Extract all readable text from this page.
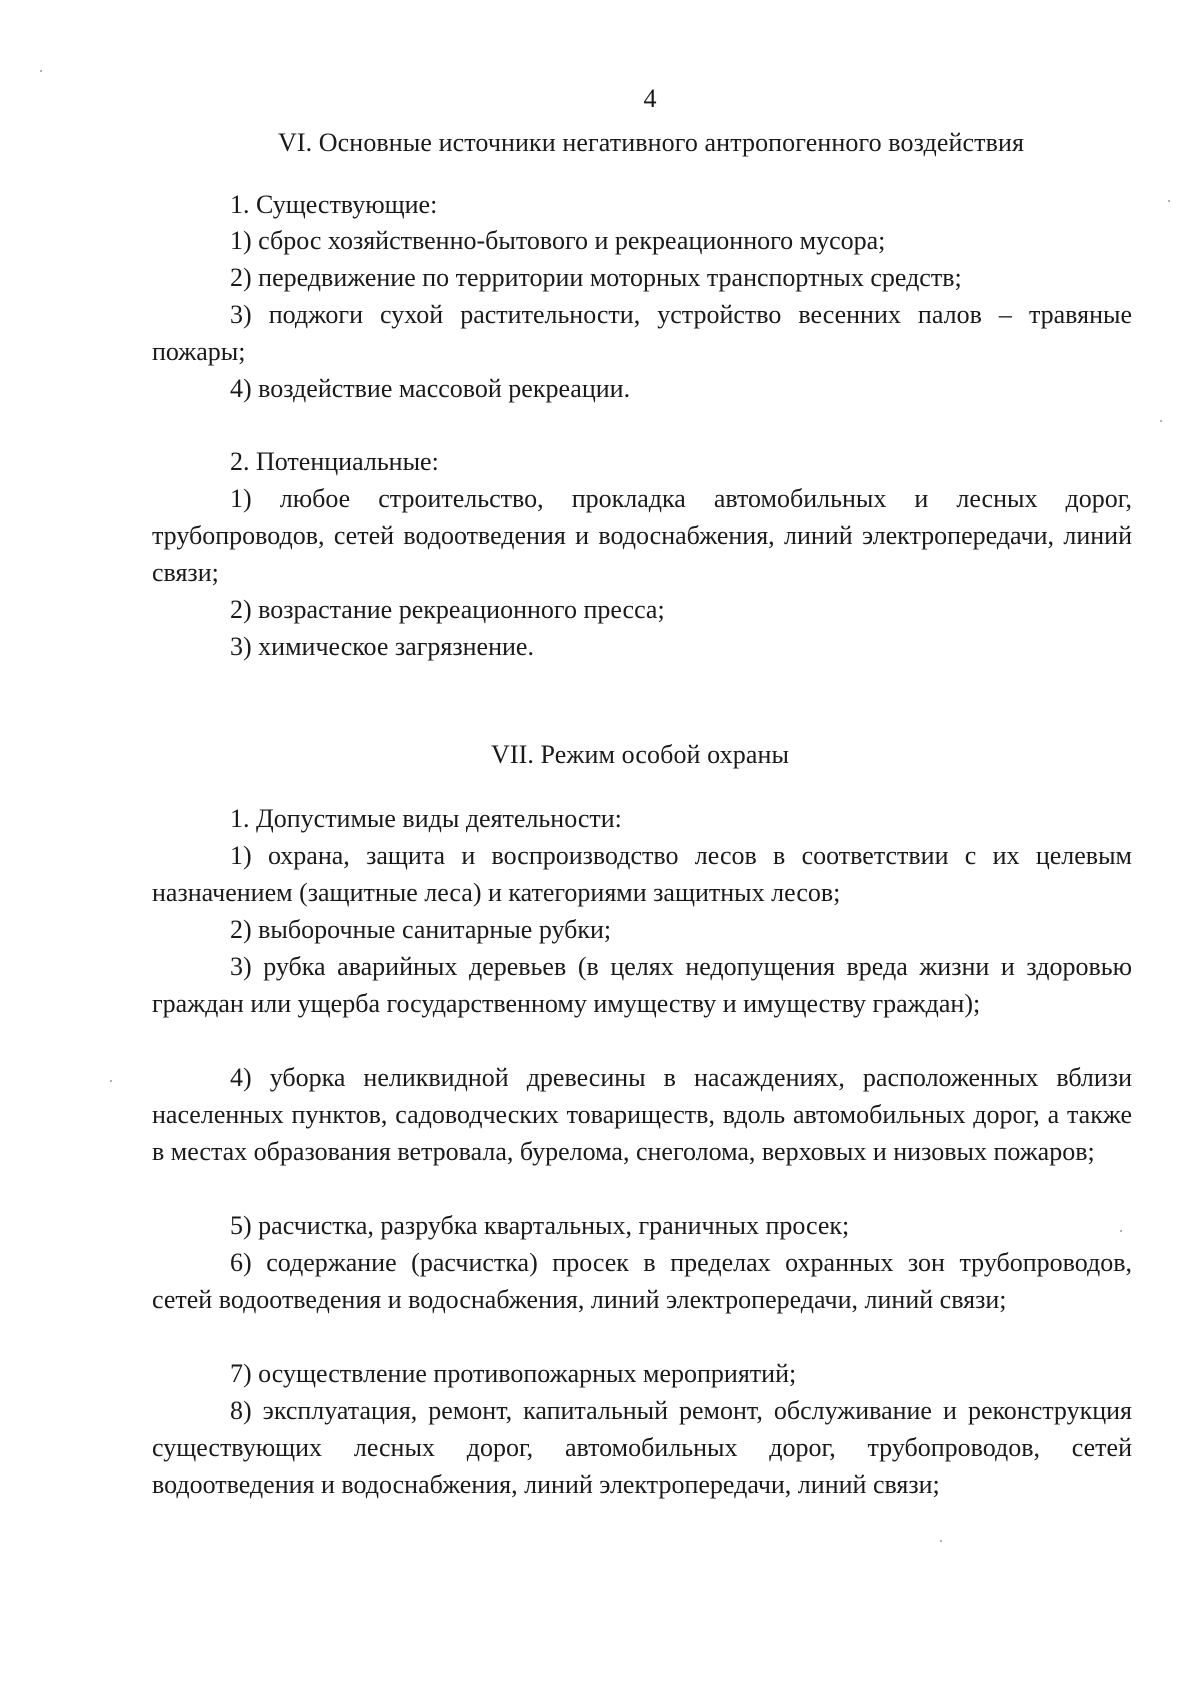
4
VI. Основные источники негативного антропогенного воздействия
1. Существующие:
1) сброс хозяйственно-бытового и рекреационного мусора;
2) передвижение по территории моторных транспортных средств;
3) поджоги сухой растительности, устройство весенних палов – травяные пожары;
4) воздействие массовой рекреации.
2. Потенциальные:
1) любое строительство, прокладка автомобильных и лесных дорог, трубопроводов, сетей водоотведения и водоснабжения, линий электропередачи, линий связи;
2) возрастание рекреационного пресса;
3) химическое загрязнение.
VII. Режим особой охраны
1. Допустимые виды деятельности:
1) охрана, защита и воспроизводство лесов в соответствии с их целевым назначением (защитные леса) и категориями защитных лесов;
2) выборочные санитарные рубки;
3) рубка аварийных деревьев (в целях недопущения вреда жизни и здоровью граждан или ущерба государственному имуществу и имуществу граждан);
4) уборка неликвидной древесины в насаждениях, расположенных вблизи населенных пунктов, садоводческих товариществ, вдоль автомобильных дорог, а также в местах образования ветровала, бурелома, снеголома, верховых и низовых пожаров;
5) расчистка, разрубка квартальных, граничных просек;
6) содержание (расчистка) просек в пределах охранных зон трубопроводов, сетей водоотведения и водоснабжения, линий электропередачи, линий связи;
7) осуществление противопожарных мероприятий;
8) эксплуатация, ремонт, капитальный ремонт, обслуживание и реконструкция существующих лесных дорог, автомобильных дорог, трубопроводов, сетей водоотведения и водоснабжения, линий электропередачи, линий связи;
